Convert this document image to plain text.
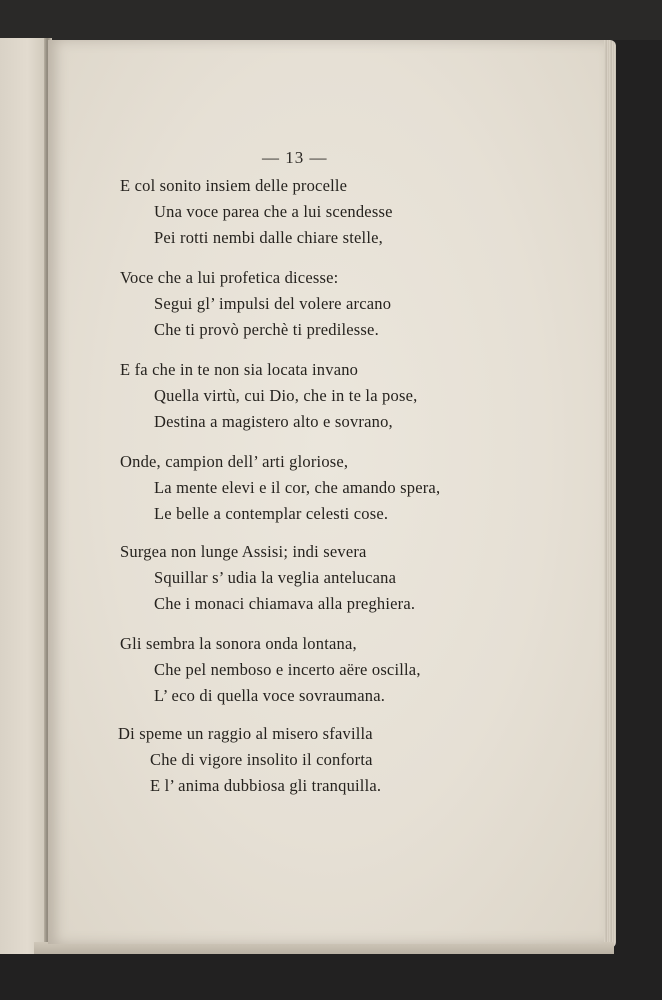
— 13 —
E col sonito insiem delle procelle
Una voce parea che a lui scendesse
Pei rotti nembi dalle chiare stelle,
Voce che a lui profetica dicesse:
Segui gl’ impulsi del volere arcano
Che ti provò perchè ti predilesse.
E fa che in te non sia locata invano
Quella virtù, cui Dio, che in te la pose,
Destina a magistero alto e sovrano,
Onde, campion dell’ arti gloriose,
La mente elevi e il cor, che amando spera,
Le belle a contemplar celesti cose.
Surgea non lunge Assisi; indi severa
Squillar s’ udia la veglia antelucana
Che i monaci chiamava alla preghiera.
Gli sembra la sonora onda lontana,
Che pel nemboso e incerto aëre oscilla,
L’ eco di quella voce sovraumana.
Di speme un raggio al misero sfavilla
Che di vigore insolito il conforta
E l’ anima dubbiosa gli tranquilla.
